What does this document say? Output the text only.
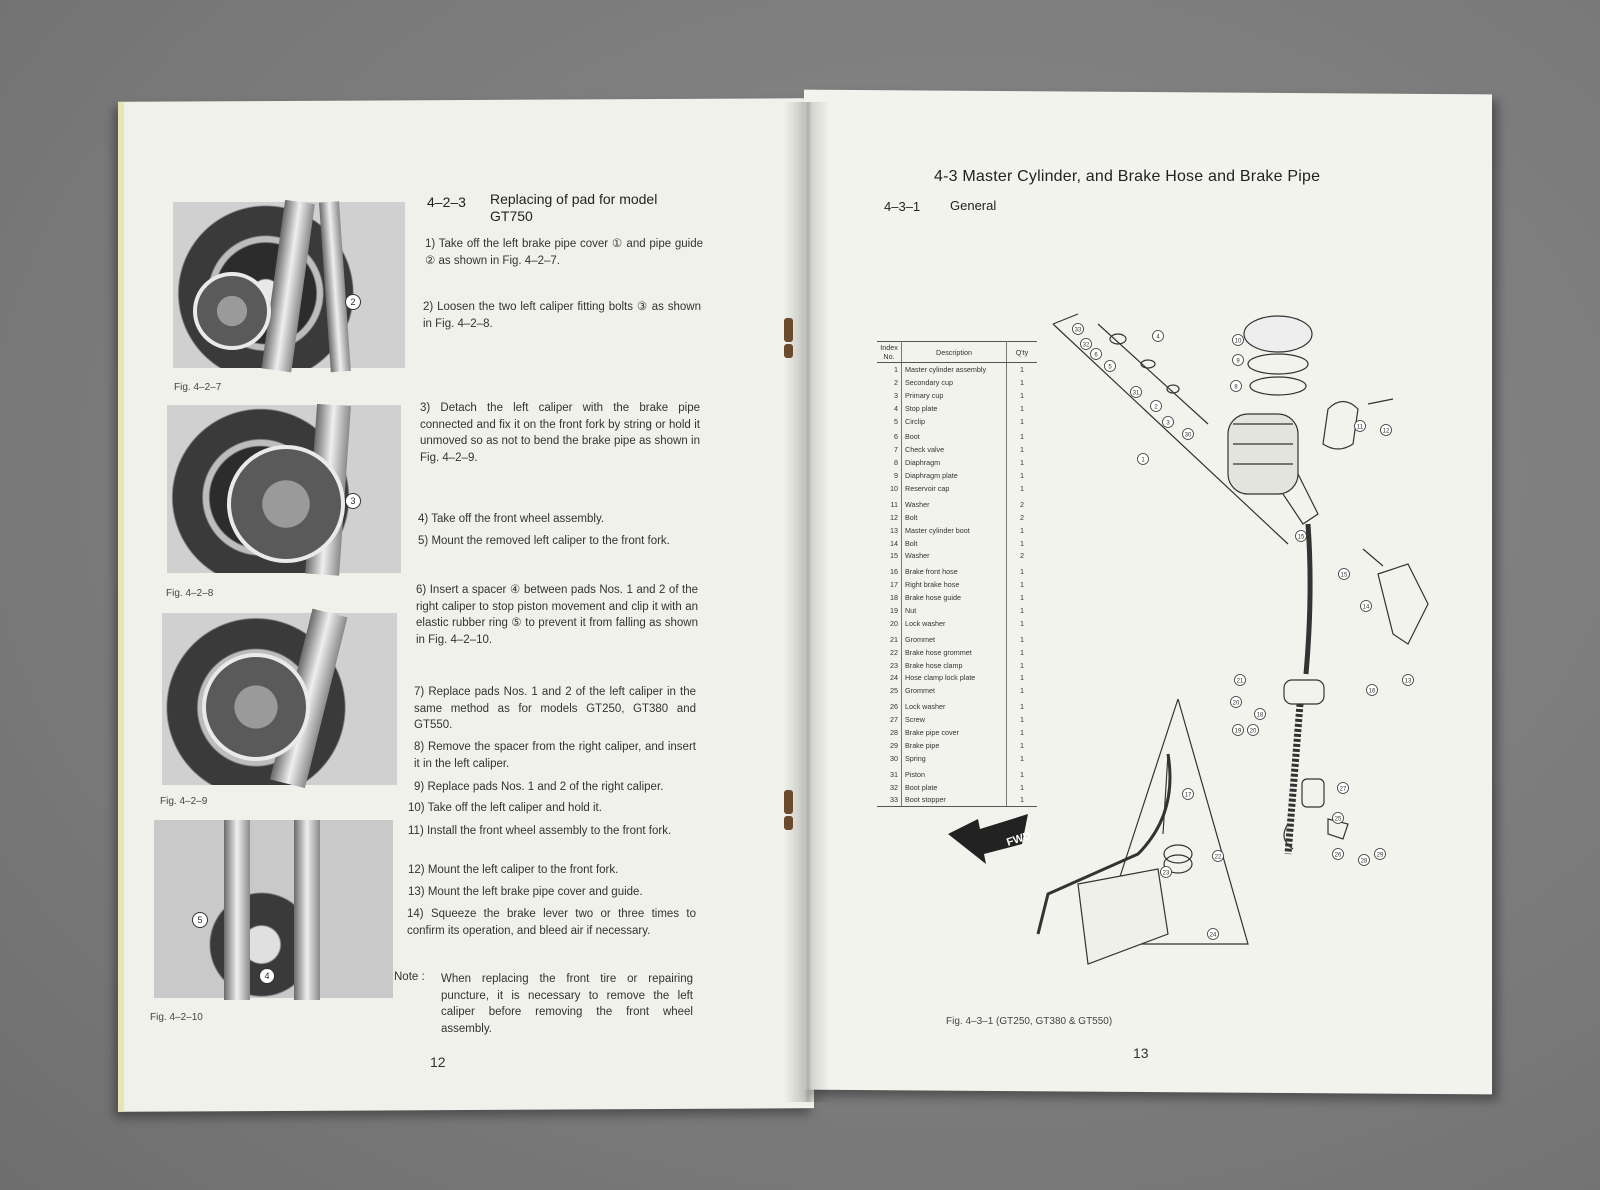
2
Fig. 4–2–7
3
Fig. 4–2–8
Fig. 4–2–9
5
4
Fig. 4–2–10
4–2–3 Replacing of pad for model
GT750
1) Take off the left brake pipe cover ① and pipe guide ② as shown in Fig. 4–2–7.
2) Loosen the two left caliper fitting bolts ③ as shown in Fig. 4–2–8.
3) Detach the left caliper with the brake pipe connected and fix it on the front fork by string or hold it unmoved so as not to bend the brake pipe as shown in Fig. 4–2–9.
4) Take off the front wheel assembly.
5) Mount the removed left caliper to the front fork.
6) Insert a spacer ④ between pads Nos. 1 and 2 of the right caliper to stop piston movement and clip it with an elastic rubber ring ⑤ to prevent it from falling as shown in Fig. 4–2–10.
7) Replace pads Nos. 1 and 2 of the left caliper in the same method as for models GT250, GT380 and GT550.
8) Remove the spacer from the right caliper, and insert it in the left caliper.
9) Replace pads Nos. 1 and 2 of the right caliper.
10) Take off the left caliper and hold it.
11) Install the front wheel assembly to the front fork.
12) Mount the left caliper to the front fork.
13) Mount the left brake pipe cover and guide.
14) Squeeze the brake lever two or three times to confirm its operation, and bleed air if necessary.
Note :	When replacing the front tire or repairing puncture, it is necessary to remove the left caliper before removing the front wheel assembly.
12
4-3 Master Cylinder, and Brake Hose and Brake Pipe
4–3–1 General
Index No.	Description	Q'ty
1	Master cylinder assembly	1
2	Secondary cup	1
3	Primary cup	1
4	Stop plate	1
5	Circlip	1
6	Boot	1
7	Check valve	1
8	Diaphragm	1
9	Diaphragm plate	1
10	Reservoir cap	1
11	Washer	2
12	Bolt	2
13	Master cylinder boot	1
14	Bolt	1
15	Washer	2
16	Brake front hose	1
17	Right brake hose	1
18	Brake hose guide	1
19	Nut	1
20	Lock washer	1
21	Grommet	1
22	Brake hose grommet	1
23	Brake hose clamp	1
24	Hose clamp lock plate	1
25	Grommet	1
26	Lock washer	1
27	Screw	1
28	Brake pipe cover	1
29	Brake pipe	1
30	Spring	1
31	Piston	1
32	Boot plate	1
33	Boot stopper	1
FWD
33
32
6
5
4
31
2
3
30
1
10
9
8
11
12
15
15
14
13
21
20
18
19 20
16
27
25
26
28
29
17
22
23
24
Fig. 4–3–1 (GT250, GT380 & GT550)
13
